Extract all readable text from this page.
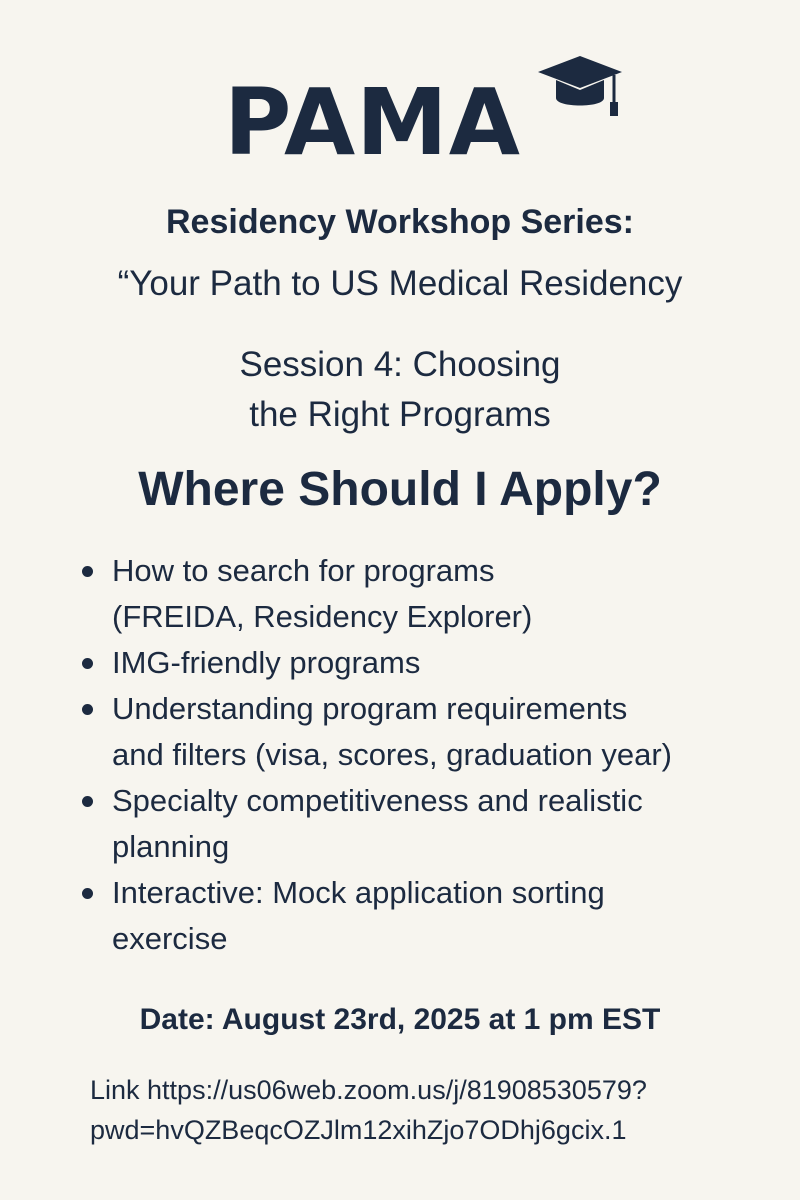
PAMA
Residency Workshop Series:
“Your Path to US Medical Residency
Session 4: Choosing
the Right Programs
Where Should I Apply?
How to search for programs
(FREIDA, Residency Explorer)
IMG-friendly programs
Understanding program requirements
and filters (visa, scores, graduation year)
Specialty competitiveness and realistic
planning
Interactive: Mock application sorting
exercise
Date: August 23rd, 2025 at 1 pm EST
Link https://us06web.zoom.us/j/81908530579?
pwd=hvQZBeqcOZJlm12xihZjo7ODhj6gcix.1
